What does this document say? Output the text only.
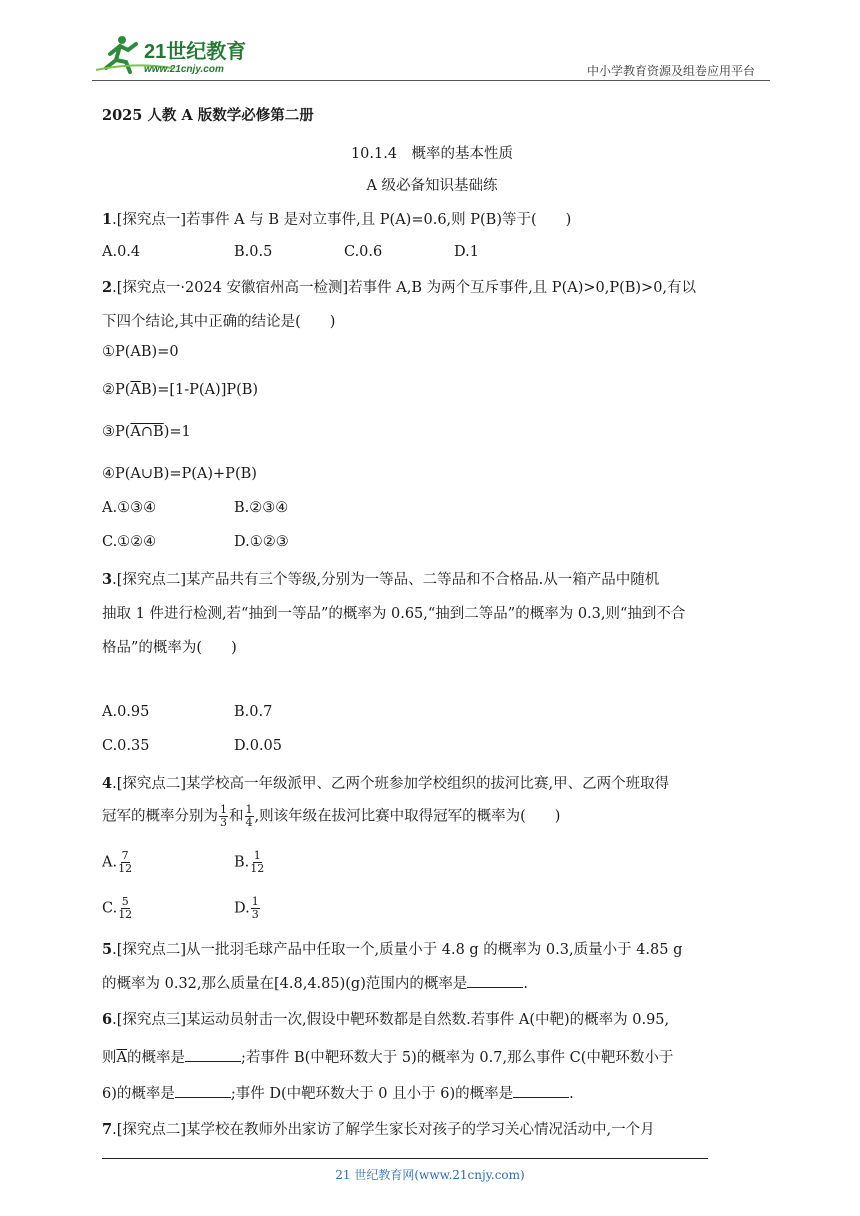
21世纪教育
www.21cnjy.com	中小学教育资源及组卷应用平台
2025 人教 A 版数学必修第二册
10.1.4　概率的基本性质
A 级必备知识基础练
1.[探究点一]若事件 A 与 B 是对立事件,且 P(A)=0.6,则 P(B)等于(　　)
A.0.4	B.0.5	C.0.6	D.1
2.[探究点一·2024 安徽宿州高一检测]若事件 A,B 为两个互斥事件,且 P(A)>0,P(B)>0,有以
下四个结论,其中正确的结论是(　　)
①P(AB)=0
$②P(\overline{A}B)=[1-P(A)]P(B)$
③P(A∩B)=1
④P(A∪B)=P(A)+P(B)
A.①③④	B.②③④
C.①②④	D.①②③
3.[探究点二]某产品共有三个等级,分别为一等品、二等品和不合格品.从一箱产品中随机
抽取 1 件进行检测,若“抽到一等品”的概率为 0.65,“抽到二等品”的概率为 0.3,则“抽到不合
格品”的概率为(　　)
A.0.95	B.0.7
C.0.35	D.0.05
4.[探究点二]某学校高一年级派甲、乙两个班参加学校组织的拔河比赛,甲、乙两个班取得
冠军的概率分别为 $\frac{1}{3}$ 和 $\frac{1}{4}$ ,则该年级在拔河比赛中取得冠军的概率为(　　)
A. $\frac{7}{12}$	B. $\frac{1}{12}$
C. $\frac{5}{12}$	D. $\frac{1}{3}$
5.[探究点二]从一批羽毛球产品中任取一个,质量小于 4.8 g 的概率为 0.3,质量小于 4.85 g
的概率为 0.32,那么质量在[4.8,4.85)(g)范围内的概率是	.
6.[探究点三]某运动员射击一次,假设中靶环数都是自然数.若事件 A(中靶)的概率为 0.95,
则$\overline{A}$的概率是	;若事件 B(中靶环数大于 5)的概率为 0.7,那么事件 C(中靶环数小于
6)的概率是	;事件 D(中靶环数大于 0 且小于 6)的概率是	.
7.[探究点二]某学校在教师外出家访了解学生家长对孩子的学习关心情况活动中,一个月
21 世纪教育网(www.21cnjy.com)
